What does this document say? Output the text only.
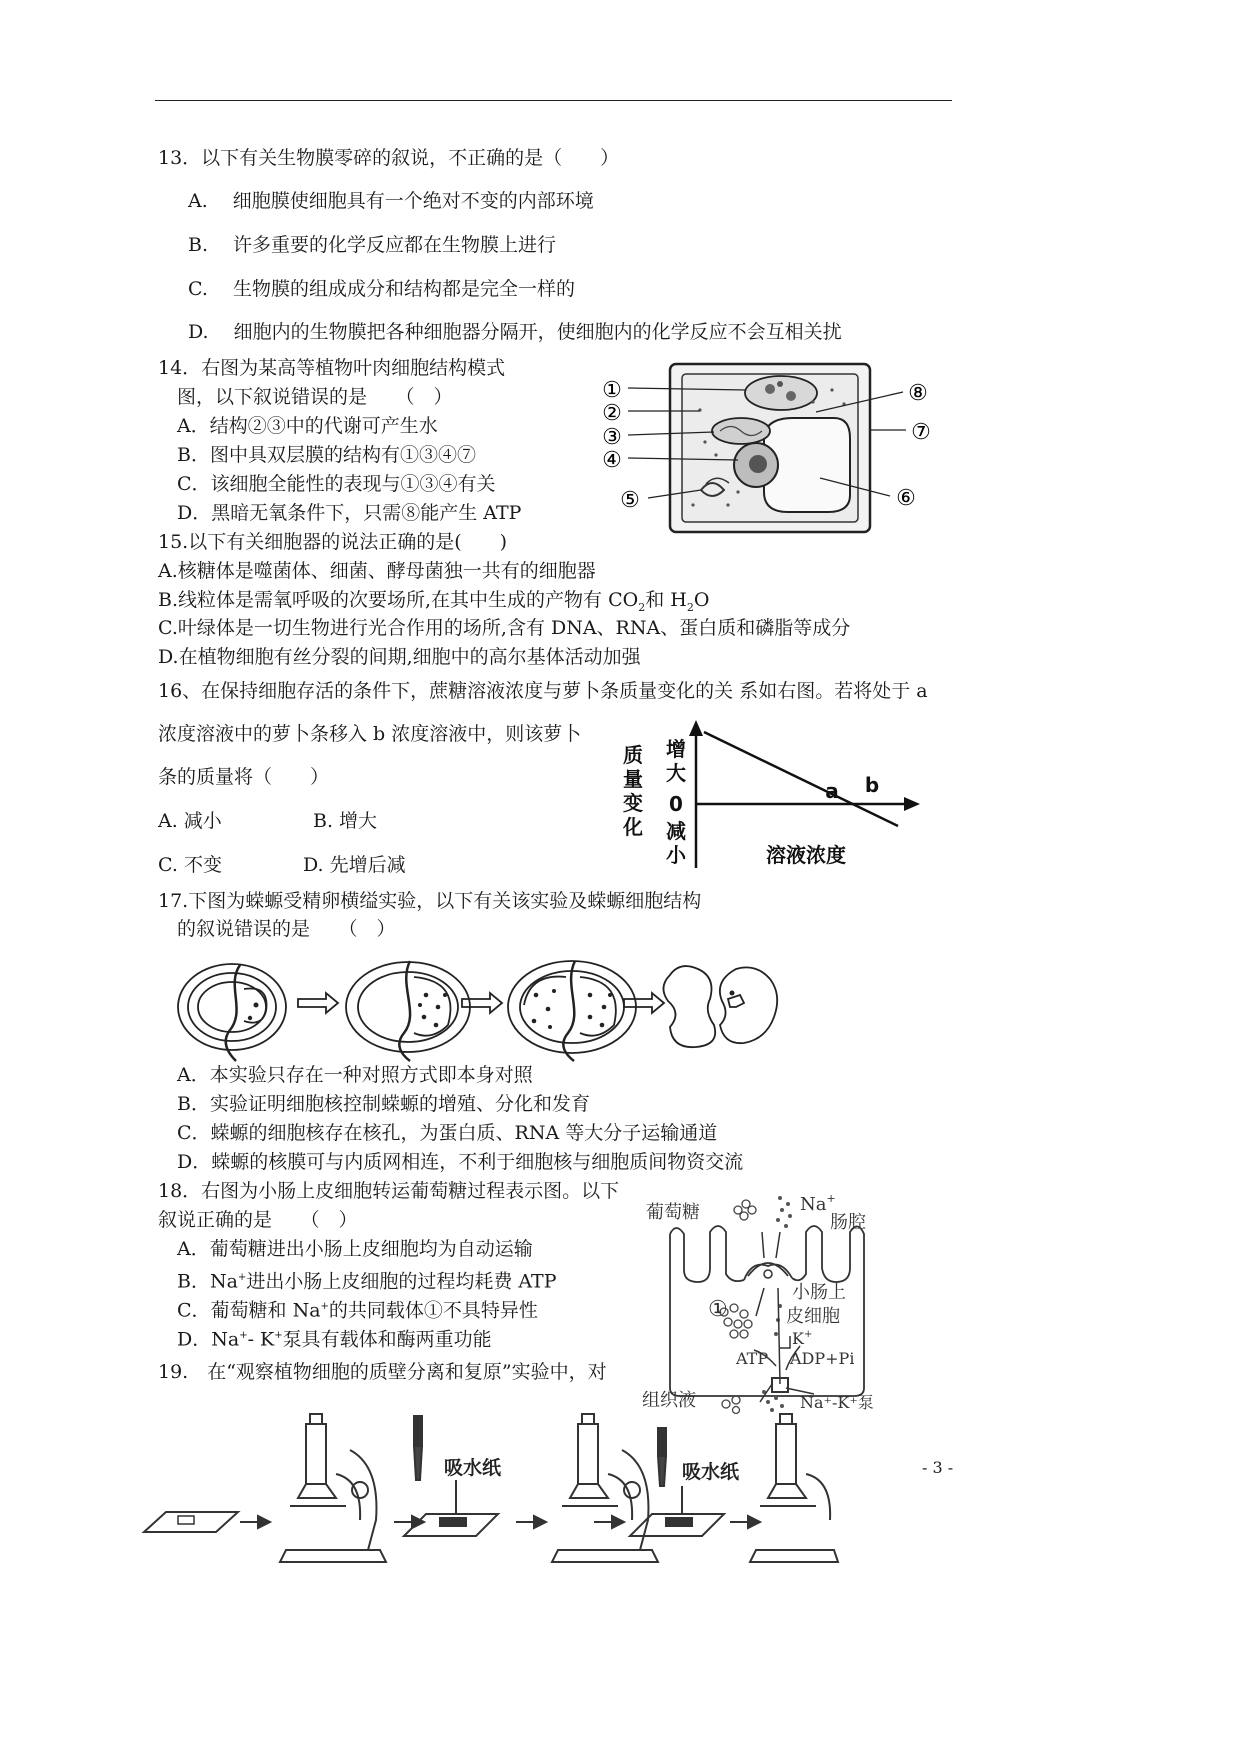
13．以下有关生物膜零碎的叙说，不正确的是（　　）
A.　 细胞膜使细胞具有一个绝对不变的内部环境
B.　 许多重要的化学反应都在生物膜上进行
C.　 生物膜的组成成分和结构都是完全一样的
D.　 细胞内的生物膜把各种细胞器分隔开，使细胞内的化学反应不会互相关扰
14．右图为某高等植物叶肉细胞结构模式
图，以下叙说错误的是　　（　）
A．结构②③中的代谢可产生水
B．图中具双层膜的结构有①③④⑦
C．该细胞全能性的表现与①③④有关
D．黑暗无氧条件下，只需⑧能产生 ATP
①
②
③
④
⑤	⑥
⑦
⑧
15.以下有关细胞器的说法正确的是(　　)
A.核糖体是噬菌体、细菌、酵母菌独一共有的细胞器
B.线粒体是需氧呼吸的次要场所,在其中生成的产物有 $CO_2$和 $H_2O$
C.叶绿体是一切生物进行光合作用的场所,含有 DNA、RNA、蛋白质和磷脂等成分
D.在植物细胞有丝分裂的间期,细胞中的高尔基体活动加强
16、在保持细胞存活的条件下，蔗糖溶液浓度与萝卜条质量变化的关 系如右图。若将处于 a
浓度溶液中的萝卜条移入 b 浓度溶液中，则该萝卜
条的质量将（　　）
A. 减小	B. 增大
C. 不变	D. 先增后减
质
量
变
化
增
大
0
减
小
a b
溶液浓度
17.下图为蝾螈受精卵横缢实验，以下有关该实验及蝾螈细胞结构
的叙说错误的是　　（　）
A．本实验只存在一种对照方式即本身对照
B．实验证明细胞核控制蝾螈的增殖、分化和发育
C．蝾螈的细胞核存在核孔，为蛋白质、RNA 等大分子运输通道
D．蝾螈的核膜可与内质网相连，不利于细胞核与细胞质间物资交流
18．右图为小肠上皮细胞转运葡萄糖过程表示图。以下
叙说正确的是　　（　）
A．葡萄糖进出小肠上皮细胞均为自动运输
B．Na+进出小肠上皮细胞的过程均耗费 ATP
C．葡萄糖和 Na+的共同载体①不具特异性
D．Na+- K+泵具有载体和酶两重功能
葡萄糖	Na+
肠腔
①
小肠上
皮细胞
K+
ATP ADP+Pi
组织液	Na⁺-K⁺泵
19.　在“观察植物细胞的质壁分离和复原”实验中，对
吸水纸	吸水纸	- 3 -
